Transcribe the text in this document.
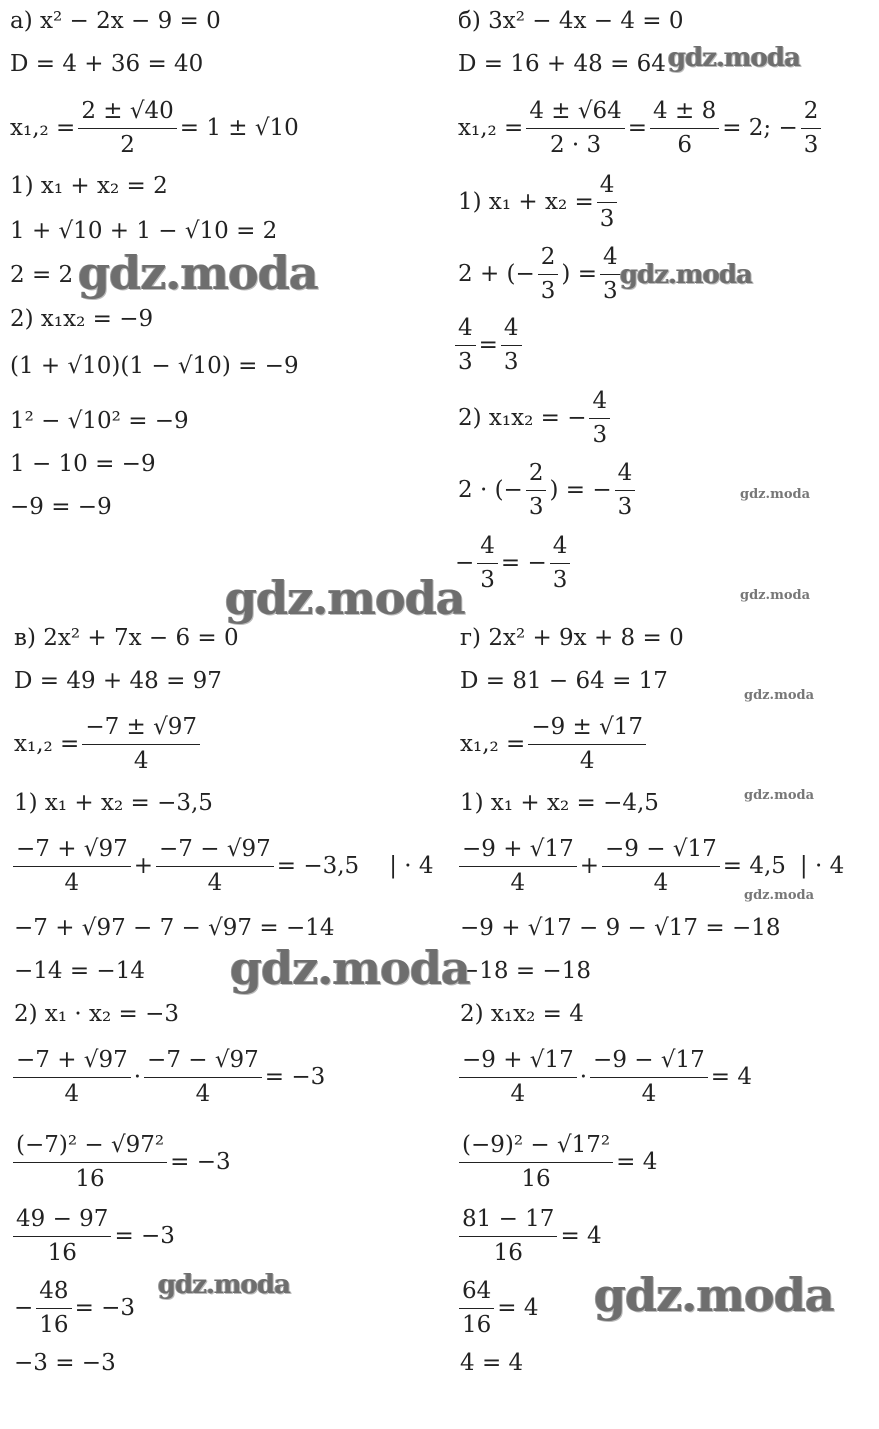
а) x² − 2x − 9 = 0
D = 4 + 36 = 40
$x_1,_2 = \frac{2 \pm √40}{2} = 1 \pm √10$
1) x₁ + x₂ = 2
1 + √10 + 1 − √10 = 2
2 = 2
2) x₁x₂ = −9
(1 + √10)(1 − √10) = −9
1² − √10² = −9
1 − 10 = −9
−9 = −9
б) 3x² − 4x − 4 = 0
D = 16 + 48 = 64
$x_1,_2 = \frac{4 \pm √64}{2 \cdot 3} = \frac{4 \pm 8}{6} = 2$; − $\frac{2}{3}$
1) $x_1 + x_2 = \frac{4}{3}$
2 + (− $\frac{2}{3}$ ) = $\frac{4}{3}$
$\frac{4}{3} = \frac{4}{3}$
2) x₁x₂ = − $\frac{4}{3}$
2 · (− $\frac{2}{3}$ ) = − $\frac{4}{3}$
− $\frac{4}{3}$ = − $\frac{4}{3}$
в) 2x² + 7x − 6 = 0
D = 49 + 48 = 97
$x_1,_2 = \frac{-7 \pm √97}{4}$
1) x₁ + x₂ = −3,5
$\frac{-7 + √97}{4} + \frac{-7 - √97}{4} = -3,5$ | · 4
−7 + √97 − 7 − √97 = −14
−14 = −14
2) x₁ · x₂ = −3
$\frac{-7 + √97}{4} \cdot \frac{-7 - √97}{4} = -3$
$\frac{\text{(−7)² − √97²}}{16} = -3$
$\frac{49 - 97}{16} = -3$
− $\frac{48}{16} = -3$
−3 = −3
г) 2x² + 9x + 8 = 0
D = 81 − 64 = 17
$x_1,_2 = \frac{-9 \pm √17}{4}$
1) x₁ + x₂ = −4,5
$\frac{-9 + √17}{4} + \frac{-9 - √17}{4} = 4,5$ | · 4
−9 + √17 − 9 − √17 = −18
−18 = −18
2) x₁x₂ = 4
$\frac{-9 + √17}{4} \cdot \frac{-9 - √17}{4} = 4$
$\frac{\text{(−9)² − √17²}}{16} = 4$
$\frac{81 - 17}{16} = 4$
$\frac{64}{16} = 4$
4 = 4
gdz.moda
gdz.moda	gdz.moda
gdz.moda
gdz.moda	gdz.moda
gdz.moda
gdz.moda
gdz.moda
gdz.moda
gdz.moda	gdz.moda
